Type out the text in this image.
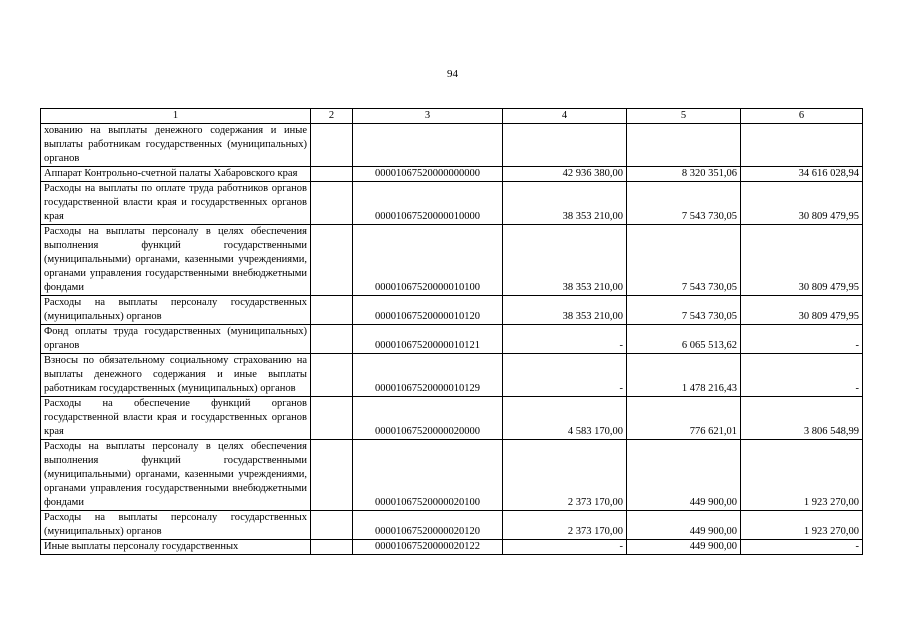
94
1	2	3	4	5	6
хованию на выплаты денежного содержания и иные выплаты работникам государственных (муниципальных) органов					
Аппарат Контрольно-счетной палаты Хабаровского края		00001067520000000000	42 936 380,00	8 320 351,06	34 616 028,94
Расходы на выплаты по оплате труда работников органов государственной власти края и государственных органов края		00001067520000010000	38 353 210,00	7 543 730,05	30 809 479,95
Расходы на выплаты персоналу в целях обеспечения выполнения функций государственными (муниципальными) органами, казенными учреждениями, органами управления государственными внебюджетными фондами		00001067520000010100	38 353 210,00	7 543 730,05	30 809 479,95
Расходы на выплаты персоналу государственных (муниципальных) органов		00001067520000010120	38 353 210,00	7 543 730,05	30 809 479,95
Фонд оплаты труда государственных (муниципальных) органов		00001067520000010121	-	6 065 513,62	-
Взносы по обязательному социальному страхованию на выплаты денежного содержания и иные выплаты работникам государственных (муниципальных) органов		00001067520000010129	-	1 478 216,43	-
Расходы на обеспечение функций органов государственной власти края и государственных органов края		00001067520000020000	4 583 170,00	776 621,01	3 806 548,99
Расходы на выплаты персоналу в целях обеспечения выполнения функций государственными (муниципальными) органами, казенными учреждениями, органами управления государственными внебюджетными фондами		00001067520000020100	2 373 170,00	449 900,00	1 923 270,00
Расходы на выплаты персоналу государственных (муниципальных) органов		00001067520000020120	2 373 170,00	449 900,00	1 923 270,00
Иные выплаты персоналу государственных		00001067520000020122	-	449 900,00	-
